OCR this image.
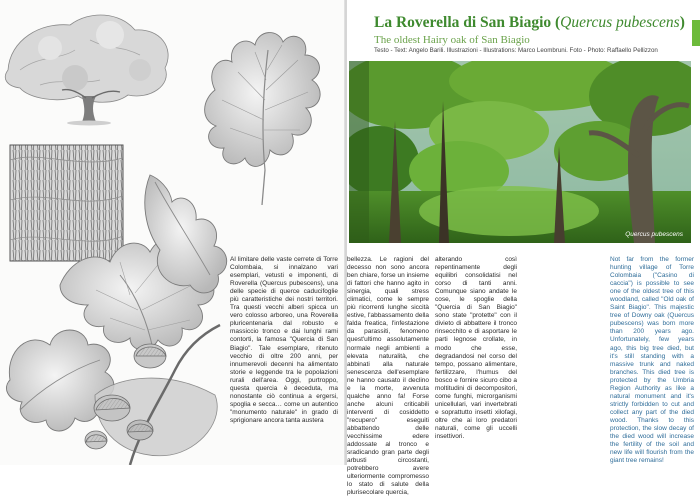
Al limitare delle vaste cerrete di Torre Colombaia, si innalzano vari esemplari, vetusti e imponenti, di Roverella (Quercus pubescens), una delle specie di querce caducifoglie più caratteristiche dei nostri territori. Tra questi vecchi alberi spicca un vero colosso arboreo, una Roverella pluricentenaria dal robusto e massiccio tronco e dai lunghi rami contorti, la famosa "Quercia di San Biagio". Tale esemplare, ritenuto vecchio di oltre 200 anni, per innumerevoli decenni ha alimentato storie e leggende tra le popolazioni rurali dell'area. Oggi, purtroppo, questa quercia è deceduta, ma nonostante ciò continua a ergersi, spoglia e secca… come un autentico "monumento naturale" in grado di sprigionare ancora tanta austera
La Roverella di San Biagio (Quercus pubescens)
The oldest Hairy oak of San Biagio
Testo - Text: Angelo Barili. Illustrazioni - Illustrations: Marco Leombruni. Foto - Photo: Raffaello Pellizzon
Quercus pubescens
bellezza. Le ragioni del decesso non sono ancora ben chiare, forse un insieme di fattori che hanno agito in sinergia, quali stress climatici, come le sempre più ricorrenti lunghe siccità estive, l'abbassamento della falda freatica, l'infestazione da parassiti, fenomeno quest'ultimo assolutamente normale negli ambienti a elevata naturalità, che abbinati alla naturale senescenza dell'esemplare ne hanno causato il declino e la morte, avvenuta qualche anno fa! Forse anche alcuni criticabili interventi di cosiddetto "recupero" eseguiti abbattendo delle vecchissime edere addossate al tronco e sradicando gran parte degli arbusti circostanti, potrebbero avere ulteriormente compromesso lo stato di salute della plurisecolare quercia,
alterando così repentinamente degli equilibri consolidatisi nel corso di tanti anni. Comunque siano andate le cose, le spoglie della "Quercia di San Biagio" sono state "protette" con il divieto di abbattere il tronco rinsecchito e di asportare le parti legnose crollate, in modo che esse, degradandosi nel corso del tempo, possano alimentare, fertilizzare, l'humus del bosco e fornire sicuro cibo a moltitudini di decompositori, come funghi, microrganismi unicellulari, vari invertebrati e soprattutto insetti xilofagi, oltre che ai loro predatori naturali, come gli uccelli insettivori.
Not far from the former hunting village of Torre Colombaia ("Casino di caccia") is possible to see one of the oldest tree of this woodland, called "Old oak of Saint Biagio". This majestic tree of Downy oak (Quercus pubescens) was born more than 200 years ago. Unfortunately, few years ago, this big tree died, but it's still standing with a massive trunk and naked branches. This died tree is protected by the Umbria Region Authority as like a natural monument and it's strictly forbidden to cut and collect any part of the died wood. Thanks to this protection, the slow decay of the died wood will increase the fertility of the soil and new life will flourish from the giant tree remains!
